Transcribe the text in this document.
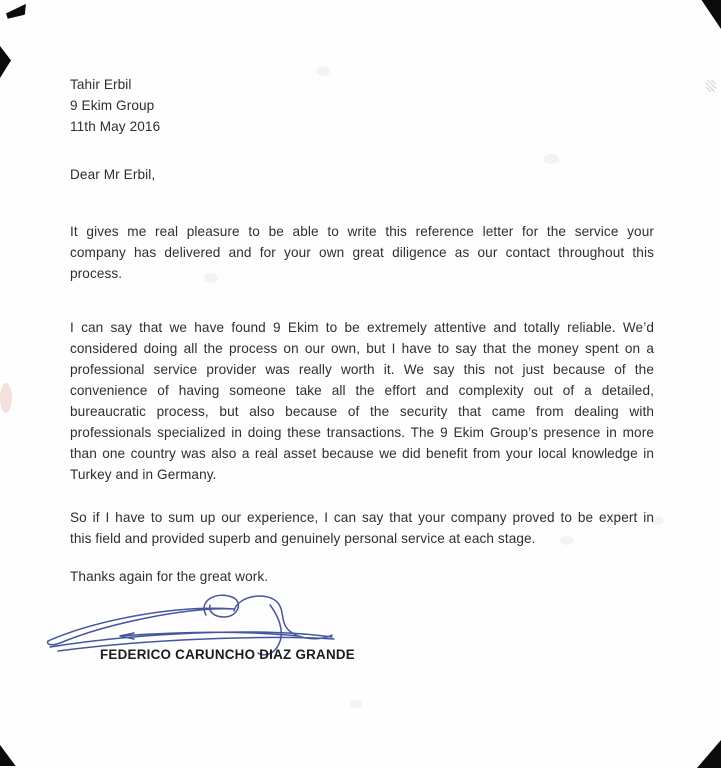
Tahir Erbil
9 Ekim Group
11th May 2016
Dear Mr Erbil,
It gives me real pleasure to be able to write this reference letter for the service your
company has delivered and for your own great diligence as our contact throughout this
process.
I can say that we have found 9 Ekim to be extremely attentive and totally reliable. We’d
considered doing all the process on our own, but I have to say that the money spent on a
professional service provider was really worth it. We say this not just because of the
convenience of having someone take all the effort and complexity out of a detailed,
bureaucratic process, but also because of the security that came from dealing with
professionals specialized in doing these transactions. The 9 Ekim Group’s presence in more
than one country was also a real asset because we did benefit from your local knowledge in
Turkey and in Germany.
So if I have to sum up our experience, I can say that your company proved to be expert in
this field and provided superb and genuinely personal service at each stage.
Thanks again for the great work.
FEDERICO CARUNCHO DIAZ GRANDE
